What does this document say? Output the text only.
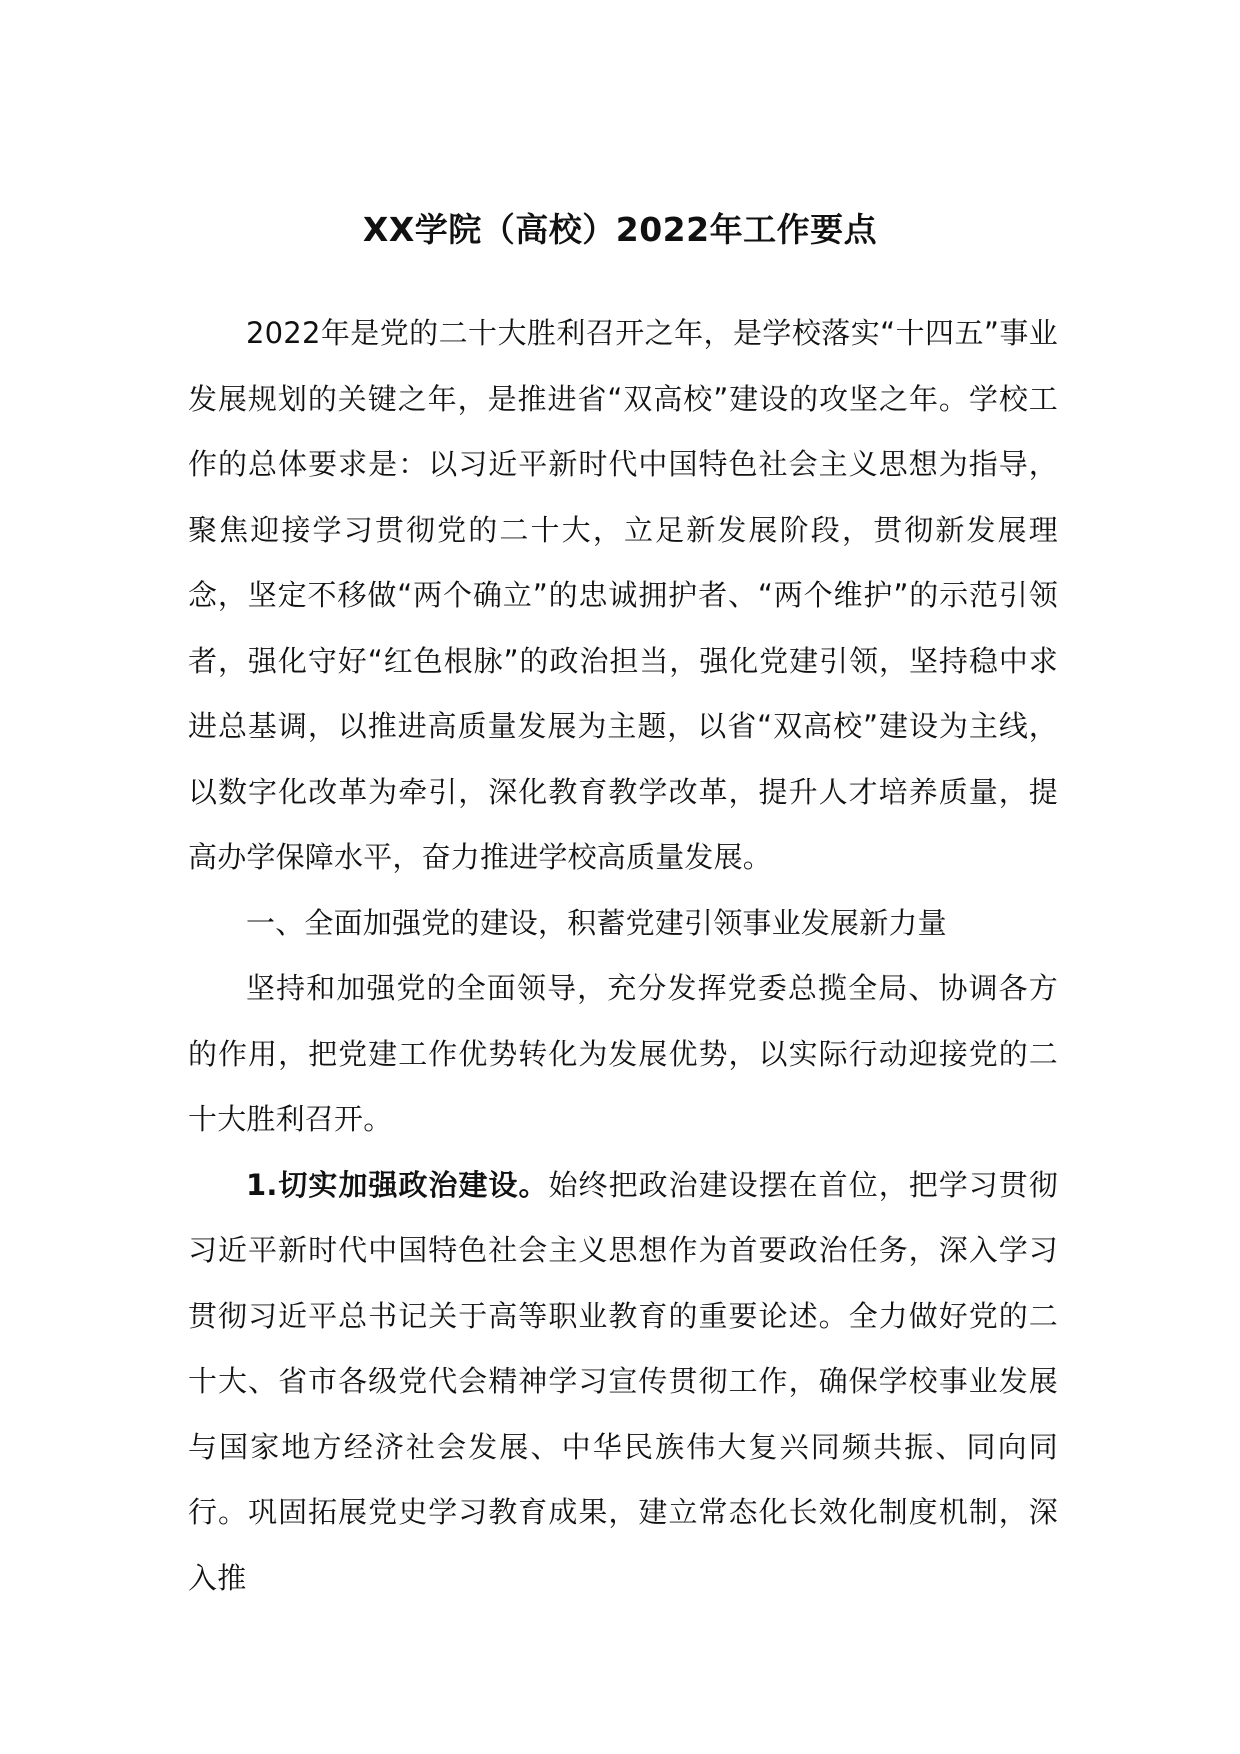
XX学院（高校）2022年工作要点

2022年是党的二十大胜利召开之年，是学校落实“十四五”事业发展规划的关键之年，是推进省“双高校”建设的攻坚之年。学校工作的总体要求是：以习近平新时代中国特色社会主义思想为指导，聚焦迎接学习贯彻党的二十大，立足新发展阶段，贯彻新发展理念，坚定不移做“两个确立”的忠诚拥护者、“两个维护”的示范引领者，强化守好“红色根脉”的政治担当，强化党建引领，坚持稳中求进总基调，以推进高质量发展为主题，以省“双高校”建设为主线，以数字化改革为牵引，深化教育教学改革，提升人才培养质量，提高办学保障水平，奋力推进学校高质量发展。

一、全面加强党的建设，积蓄党建引领事业发展新力量

坚持和加强党的全面领导，充分发挥党委总揽全局、协调各方的作用，把党建工作优势转化为发展优势，以实际行动迎接党的二十大胜利召开。

1.切实加强政治建设。始终把政治建设摆在首位，把学习贯彻习近平新时代中国特色社会主义思想作为首要政治任务，深入学习贯彻习近平总书记关于高等职业教育的重要论述。全力做好党的二十大、省市各级党代会精神学习宣传贯彻工作，确保学校事业发展与国家地方经济社会发展、中华民族伟大复兴同频共振、同向同行。巩固拓展党史学习教育成果，建立常态化长效化制度机制，深入推
